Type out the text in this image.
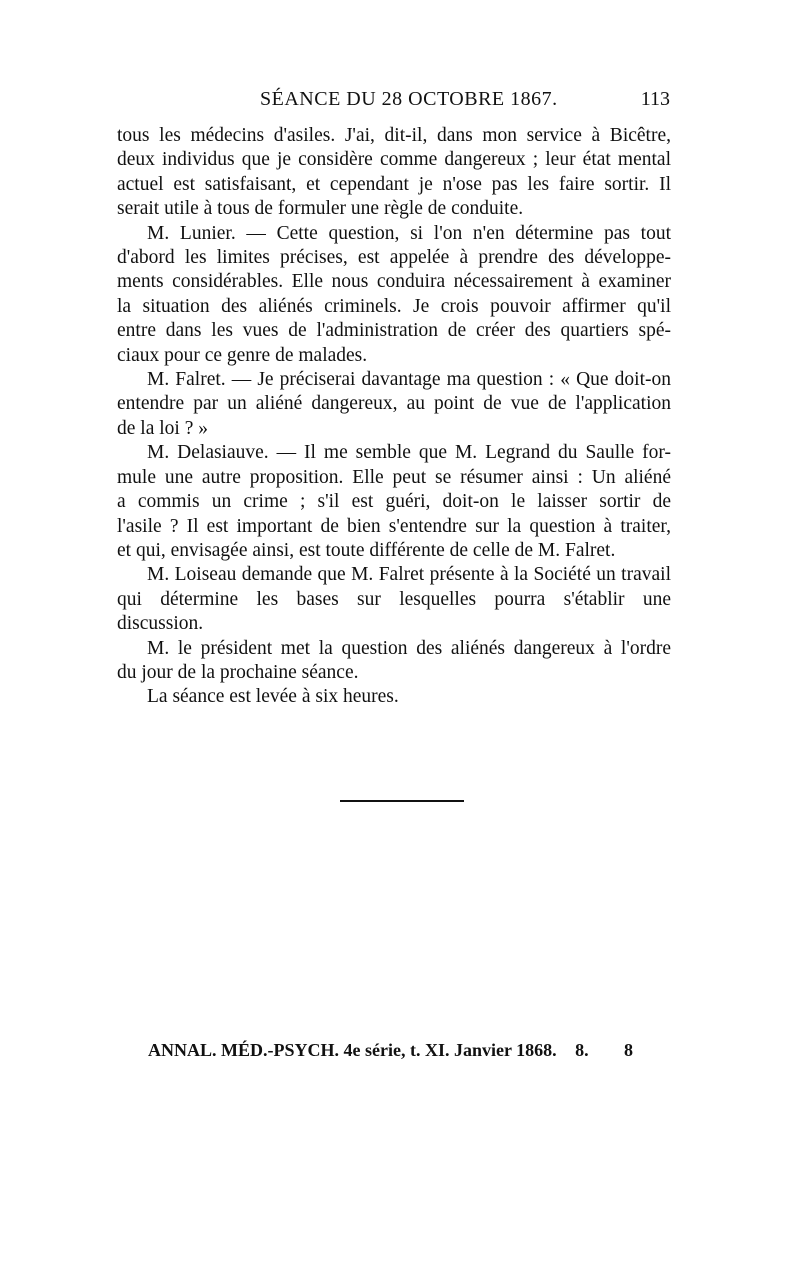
SÉANCE DU 28 OCTOBRE 1867.	113
tous les médecins d'asiles. J'ai, dit-il, dans mon service à Bicêtre,
deux individus que je considère comme dangereux ; leur état mental
actuel est satisfaisant, et cependant je n'ose pas les faire sortir. Il
serait utile à tous de formuler une règle de conduite.
M. Lunier. — Cette question, si l'on n'en détermine pas tout
d'abord les limites précises, est appelée à prendre des développe-
ments considérables. Elle nous conduira nécessairement à examiner
la situation des aliénés criminels. Je crois pouvoir affirmer qu'il
entre dans les vues de l'administration de créer des quartiers spé-
ciaux pour ce genre de malades.
M. Falret. — Je préciserai davantage ma question : « Que doit-on
entendre par un aliéné dangereux, au point de vue de l'application
de la loi ? »
M. Delasiauve. — Il me semble que M. Legrand du Saulle for-
mule une autre proposition. Elle peut se résumer ainsi : Un aliéné
a commis un crime ; s'il est guéri, doit-on le laisser sortir de
l'asile ? Il est important de bien s'entendre sur la question à traiter,
et qui, envisagée ainsi, est toute différente de celle de M. Falret.
M. Loiseau demande que M. Falret présente à la Société un travail
qui détermine les bases sur lesquelles pourra s'établir une
discussion.
M. le président met la question des aliénés dangereux à l'ordre
du jour de la prochaine séance.
La séance est levée à six heures.
ANNAL. MÉD.-PSYCH. 4e série, t. XI. Janvier 1868. 8. 8
